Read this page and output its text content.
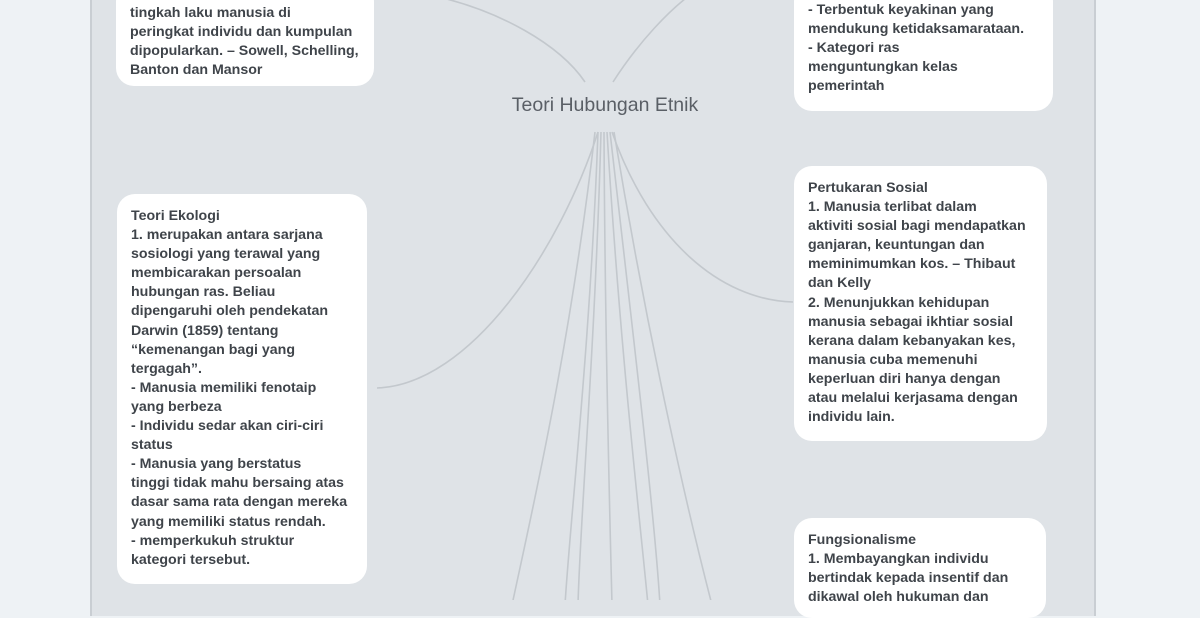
Teori Hubungan Etnik
tingkah laku manusia di
peringkat individu dan kumpulan
dipopularkan. – Sowell, Schelling,
Banton dan Mansor
- Terbentuk keyakinan yang
mendukung ketidaksamarataan.
- Kategori ras
menguntungkan kelas
pemerintah
Teori Ekologi
1. merupakan antara sarjana
sosiologi yang terawal yang
membicarakan persoalan
hubungan ras. Beliau
dipengaruhi oleh pendekatan
Darwin (1859) tentang
“kemenangan bagi yang
tergagah”.
- Manusia memiliki fenotaip
yang berbeza
- Individu sedar akan ciri-ciri
status
- Manusia yang berstatus
tinggi tidak mahu bersaing atas
dasar sama rata dengan mereka
yang memiliki status rendah.
- memperkukuh struktur
kategori tersebut.
Pertukaran Sosial
1. Manusia terlibat dalam
aktiviti sosial bagi mendapatkan
ganjaran, keuntungan dan
meminimumkan kos. – Thibaut
dan Kelly
2. Menunjukkan kehidupan
manusia sebagai ikhtiar sosial
kerana dalam kebanyakan kes,
manusia cuba memenuhi
keperluan diri hanya dengan
atau melalui kerjasama dengan
individu lain.
Fungsionalisme
1. Membayangkan individu
bertindak kepada insentif dan
dikawal oleh hukuman dan
